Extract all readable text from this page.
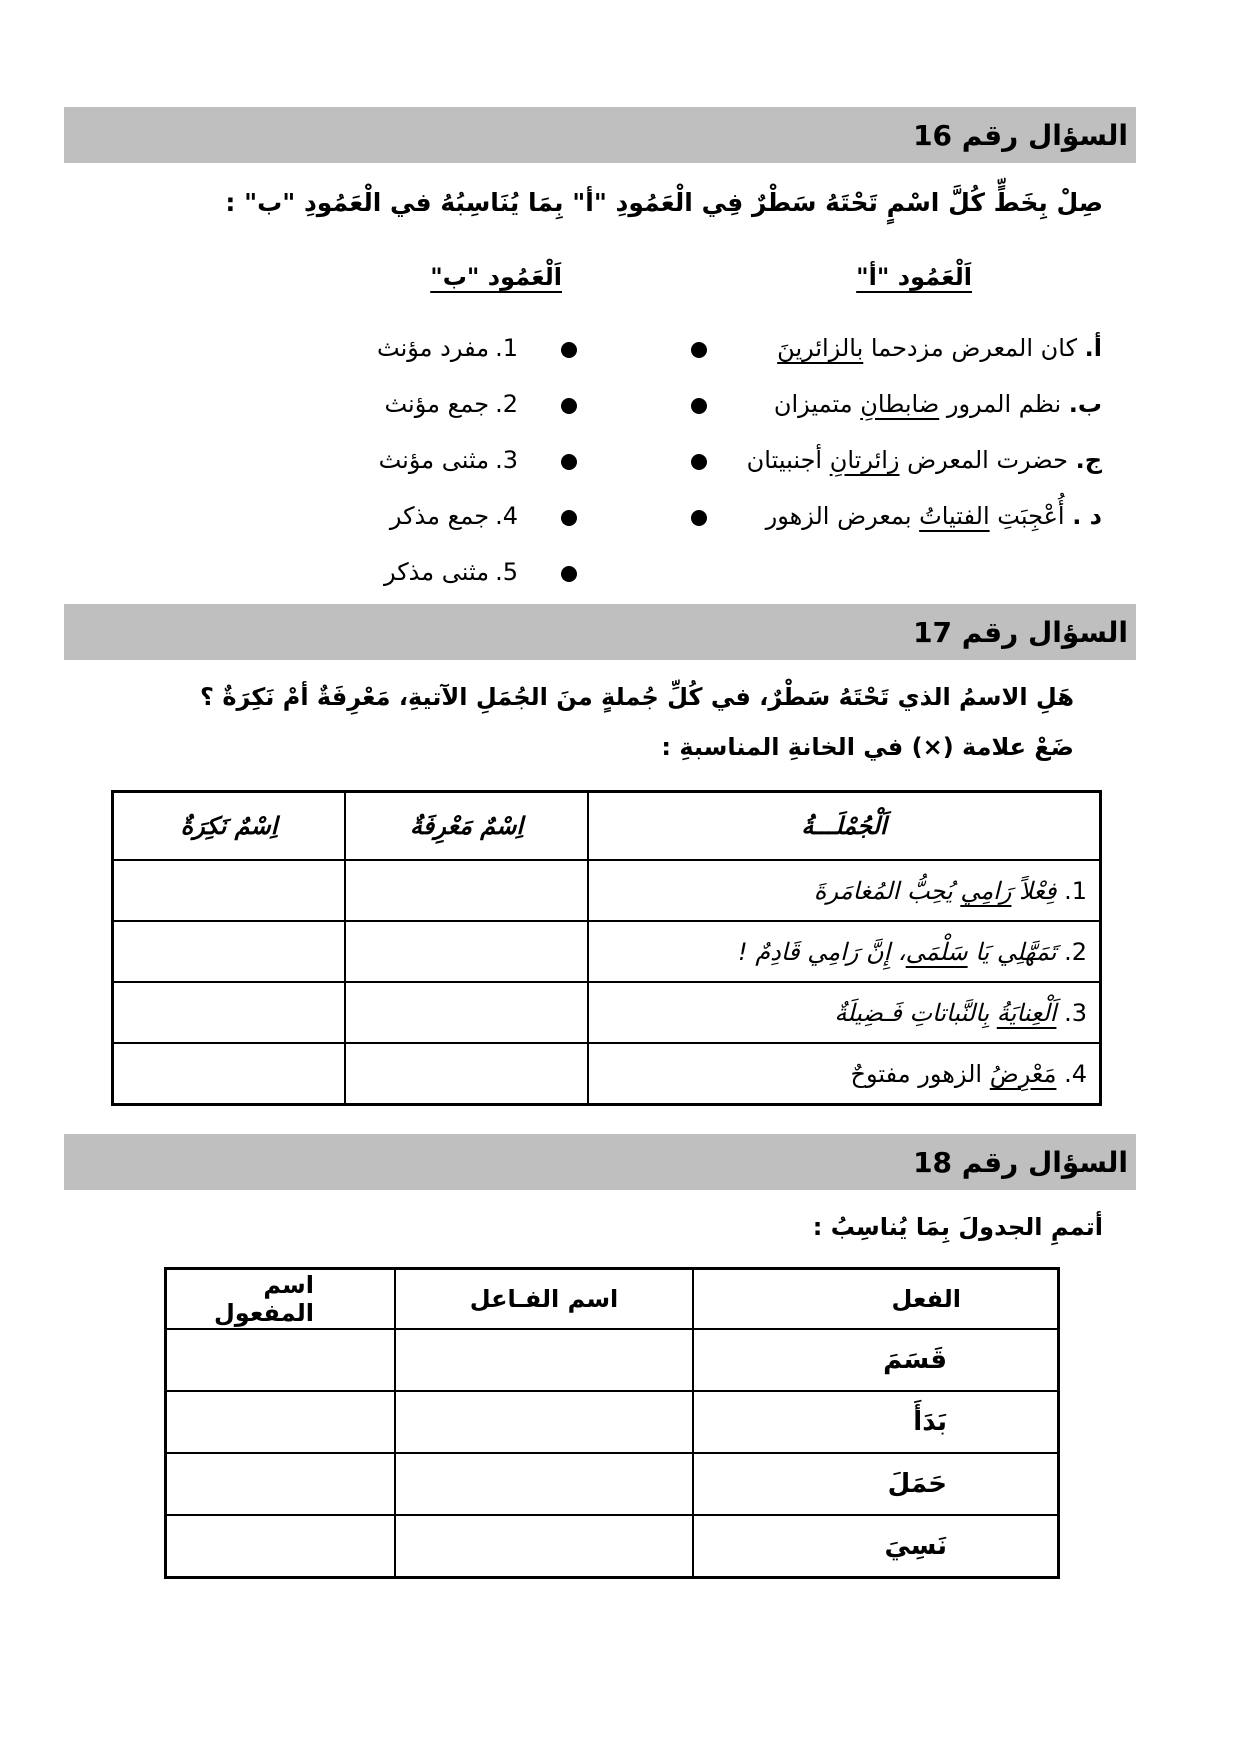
السؤال رقم 16
صِلْ بِخَطٍّ كُلَّ اسْمٍ تَحْتَهُ سَطْرٌ فِي الْعَمُودِ "أ" بِمَا يُنَاسِبُهُ في الْعَمُودِ "ب" :
اَلْعَمُود "أ"
اَلْعَمُود "ب"
أ. كان المعرض مزدحما بالزائرينَ
ب. نظم المرور ضابطانِ متميزان
ج. حضرت المعرض زائرتانِ أجنبيتان
د . أُعْجِبَتِ الفتياتُ بمعرض الزهور
1.مفرد مؤنث
2.جمع مؤنث
3.مثنى مؤنث
4.جمع مذكر
5.مثنى مذكر
السؤال رقم 17
هَلِ الاسمُ الذي تَحْتَهُ سَطْرٌ، في كُلِّ جُملةٍ منَ الجُمَلِ الآتيةِ، مَعْرِفَةٌ أمْ نَكِرَةٌ ؟
ضَعْ علامة (×) في الخانةِ المناسبةِ :
اَلْجُمْلَـــةُ	اِسْمٌ مَعْرِفَةٌ	اِسْمٌ نَكِرَةٌ
1. فِعْلاً رَامِي يُحِبُّ المُغامَرةَ		
2. تَمَهَّلِي يَا سَلْمَى، إِنَّ رَامِي قَادِمٌ !		
3. اَلْعِنايَةُ بِالنَّباتاتِ فَـضِيلَةٌ		
4. مَعْرِضُ الزهور مفتوحٌ		
السؤال رقم 18
أتممِ الجدولَ بِمَا يُناسِبُ :
الفعل	اسم الفـاعل	اسم المفعول
قَسَمَ		
بَدَأَ		
حَمَلَ		
نَسِيَ		
